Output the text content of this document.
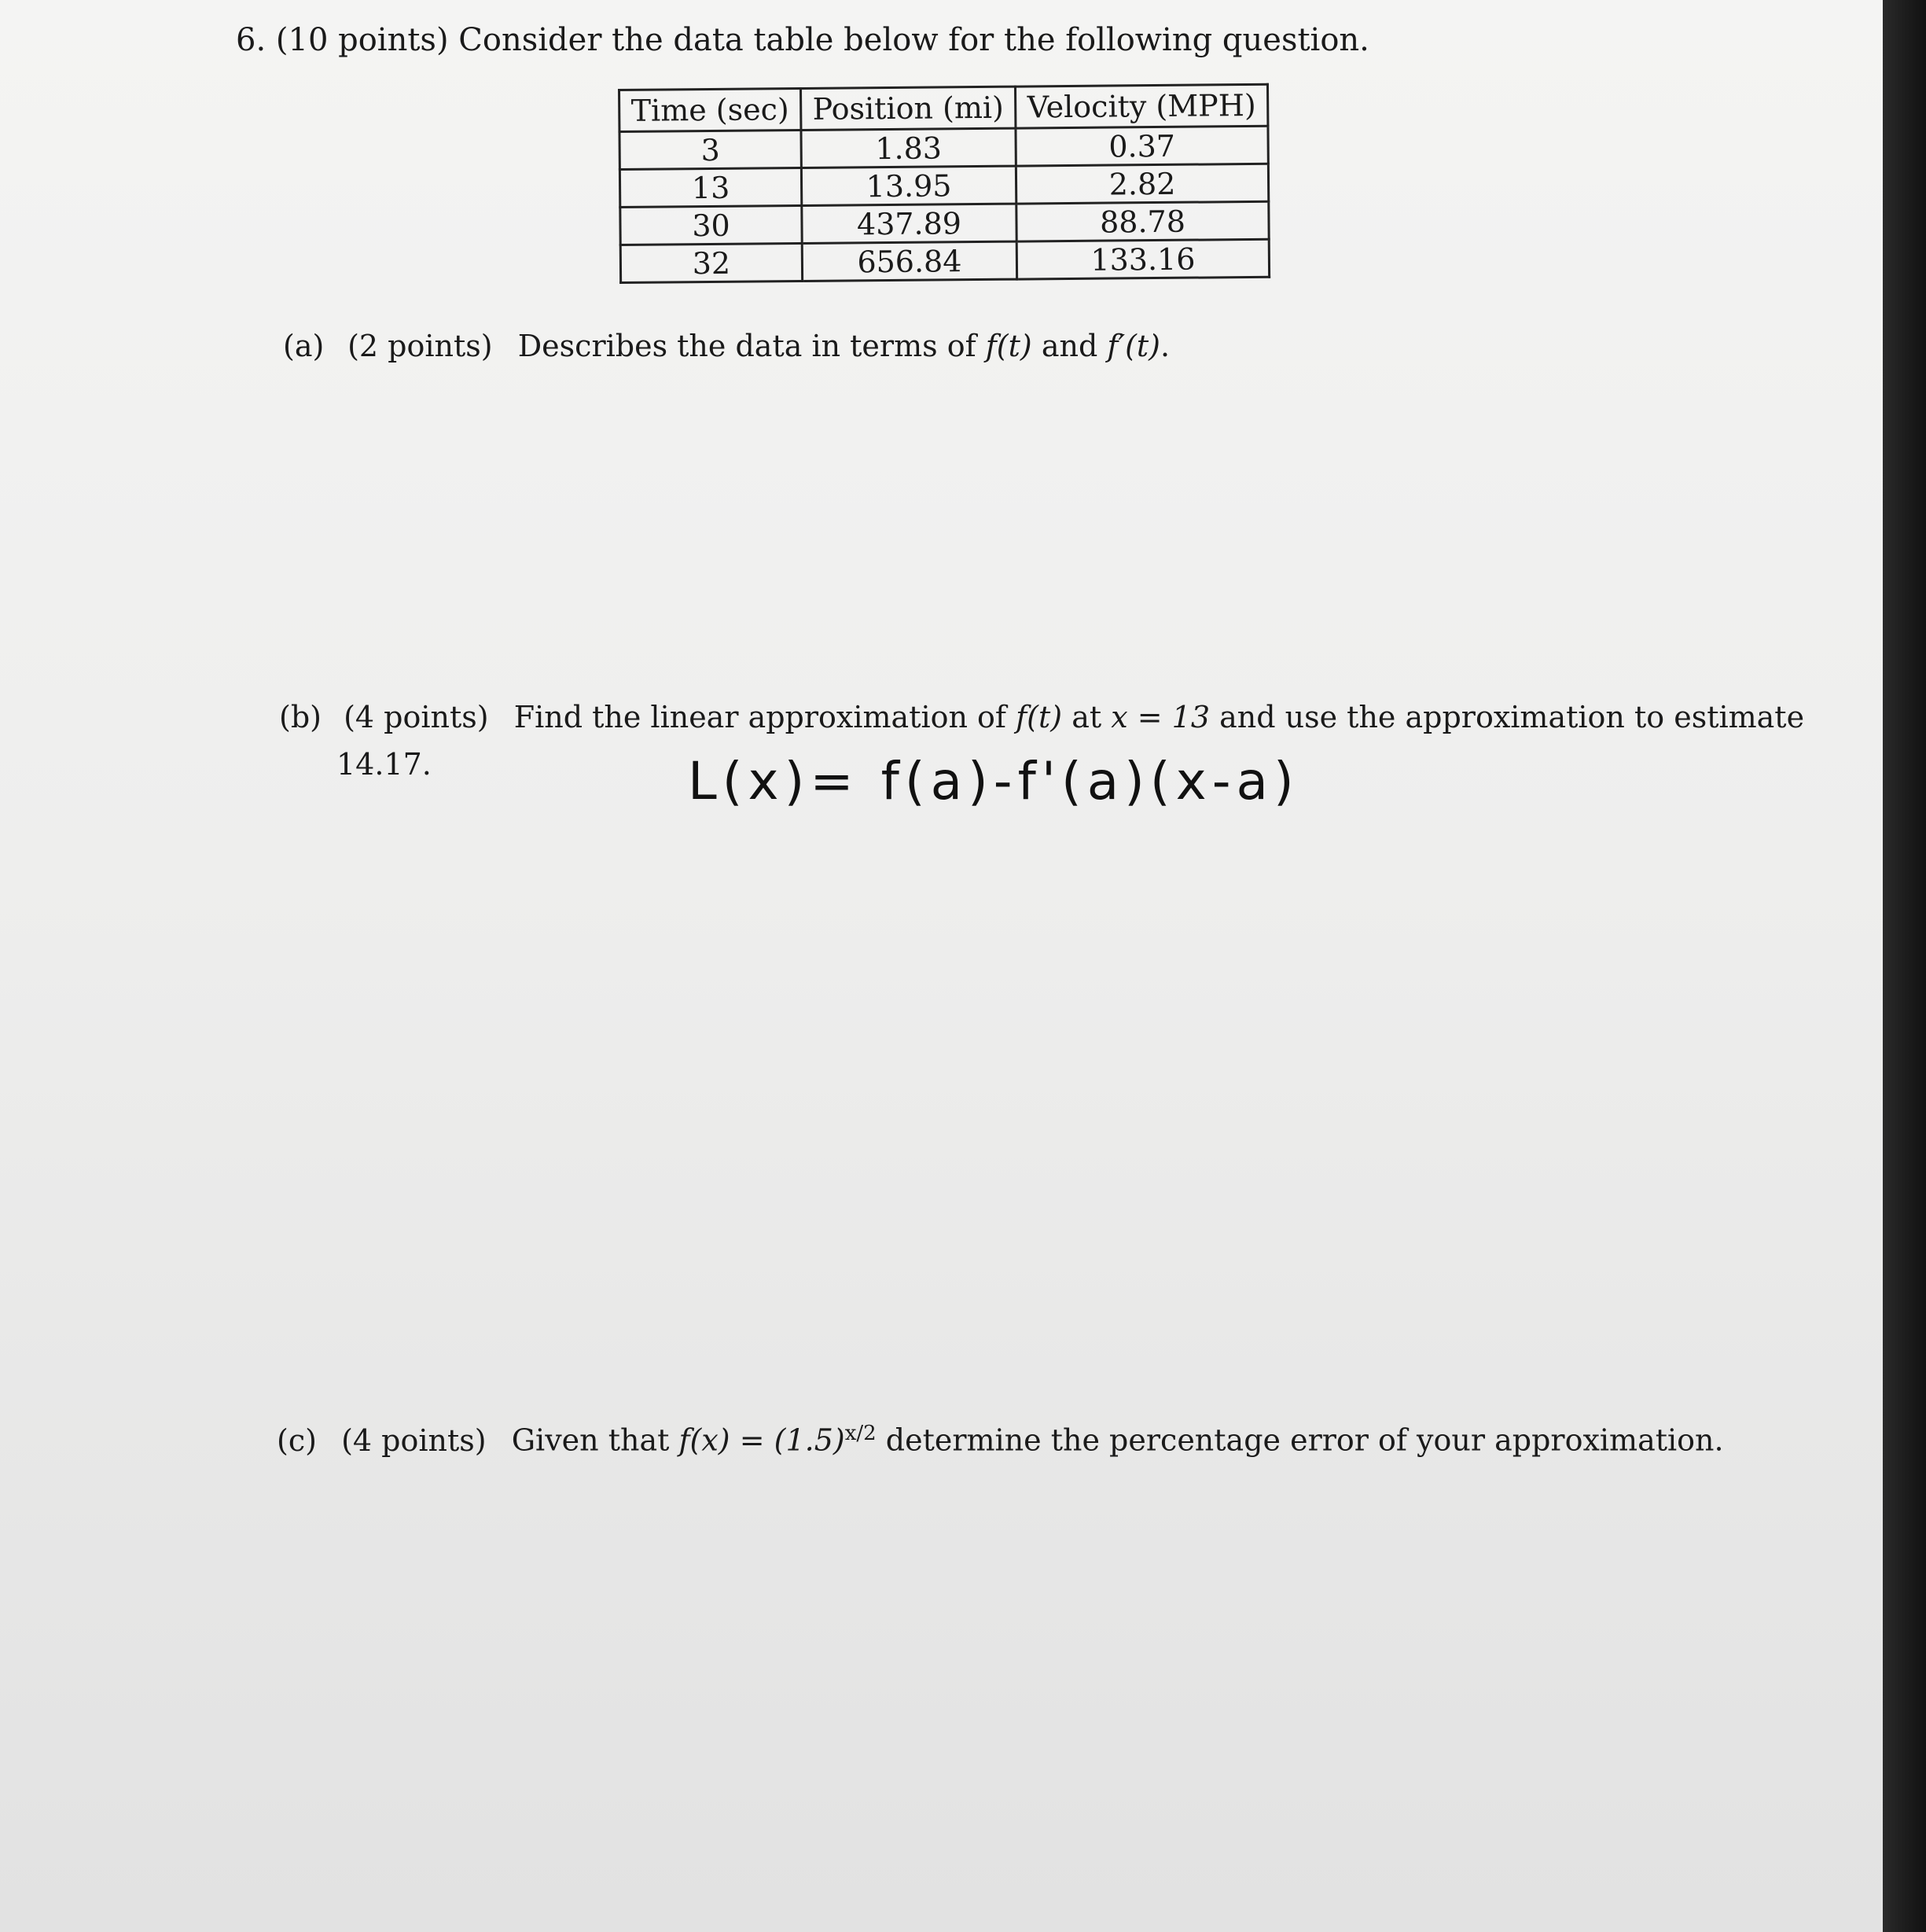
6. (10 points) Consider the data table below for the following question.
Time (sec)	Position (mi)	Velocity (MPH)
3	1.83	0.37
13	13.95	2.82
30	437.89	88.78
32	656.84	133.16
(a) (2 points) Describes the data in terms of f(t) and f′(t).
(b) (4 points) Find the linear approximation of f(t) at x = 13 and use the approximation to estimate
14.17.	L(x)= f(a)-f'(a)(x-a)
(c) (4 points) Given that $f(x) = (1.5)^{x/2}$ determine the percentage error of your approximation.
